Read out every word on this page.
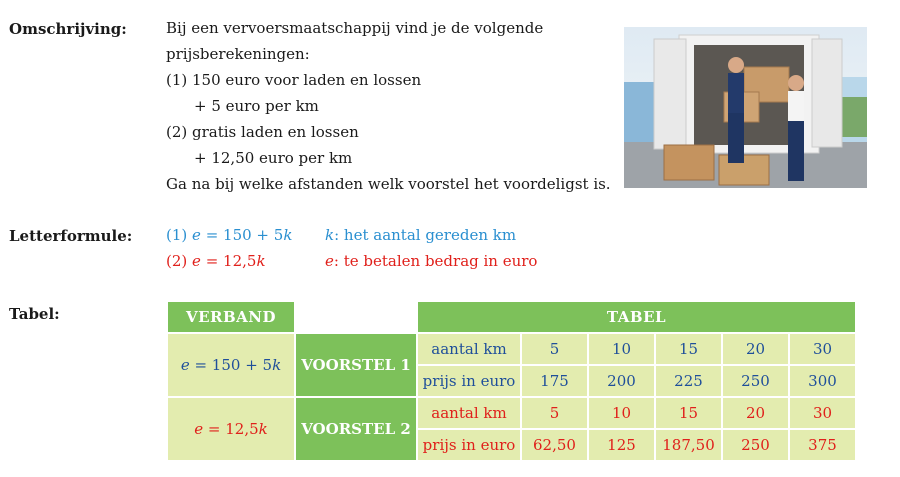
Omschrijving:
Letterformule:
Tabel:
Bij een vervoersmaatschappij vind je de volgende
prijsberekeningen:
(1) 150 euro voor laden en lossen
+ 5 euro per km
(2) gratis laden en lossen
+ 12,50 euro per km
Ga na bij welke afstanden welk voorstel het voordeligst is.
(1) e = 150 + 5k k: het aantal gereden km
(2) e = 12,5k	e: te betalen bedrag in euro
VERBAND		TABEL					
e = 150 + 5k	VOORSTEL 1	aantal km	5	10	15	20	30
		prijs in euro	175	200	225	250	300
e = 12,5k	VOORSTEL 2	aantal km	5	10	15	20	30
		prijs in euro	62,50	125	187,50	250	375
